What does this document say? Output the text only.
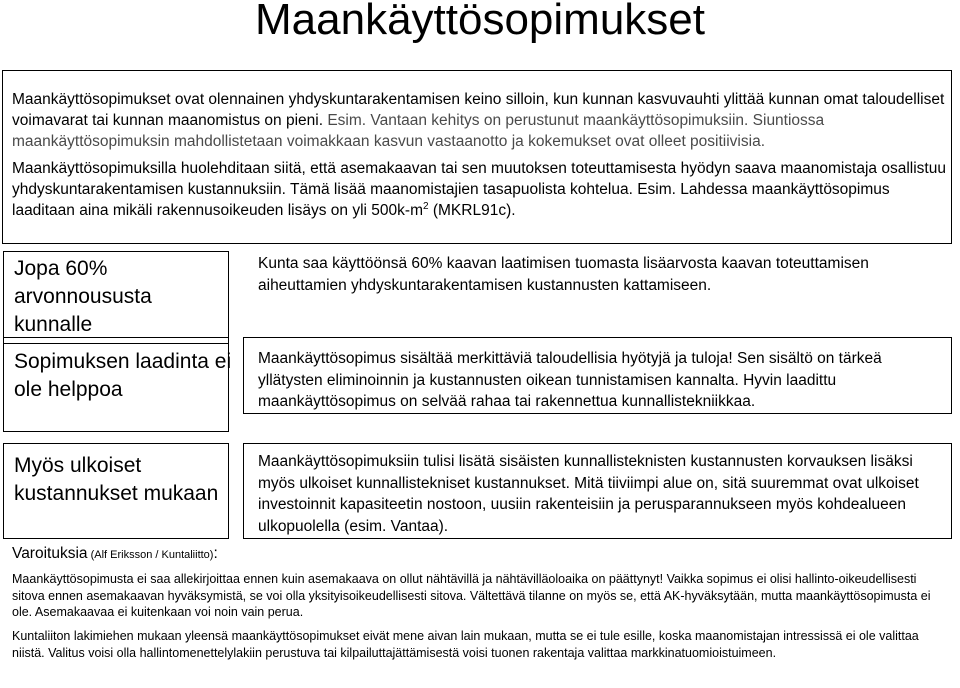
Maankäyttösopimukset

Maankäyttösopimukset ovat olennainen yhdyskuntarakentamisen keino silloin, kun kunnan kasvuvauhti ylittää kunnan omat taloudelliset voimavarat tai kunnan maanomistus on pieni. Esim. Vantaan kehitys on perustunut maankäyttösopimuksiin. Siuntiossa maankäyttösopimuksin mahdollistetaan voimakkaan kasvun vastaanotto ja kokemukset ovat olleet positiivisia.

Maankäyttösopimuksilla huolehditaan siitä, että asemakaavan tai sen muutoksen toteuttamisesta hyödyn saava maanomistaja osallistuu yhdyskuntarakentamisen kustannuksiin. Tämä lisää maanomistajien tasapuolista kohtelua. Esim. Lahdessa maankäyttösopimus laaditaan aina mikäli rakennusoikeuden lisäys on yli $500k-m^2$ (MKRL91c).

Jopa 60% arvonnoususta kunnalle

Kunta saa käyttöönsä 60% kaavan laatimisen tuomasta lisäarvosta kaavan toteuttamisen aiheuttamien yhdyskuntarakentamisen kustannusten kattamiseen.

Sopimuksen laadinta ei ole helppoa

Maankäyttösopimus sisältää merkittäviä taloudellisia hyötyjä ja tuloja! Sen sisältö on tärkeä yllätysten eliminoinnin ja kustannusten oikean tunnistamisen kannalta. Hyvin laadittu maankäyttösopimus on selvää rahaa tai rakennettua kunnallistekniikkaa.

Myös ulkoiset kustannukset mukaan

Maankäyttösopimuksiin tulisi lisätä sisäisten kunnallisteknisten kustannusten korvauksen lisäksi myös ulkoiset kunnallistekniset kustannukset. Mitä tiiviimpi alue on, sitä suuremmat ovat ulkoiset investoinnit kapasiteetin nostoon, uusiin rakenteisiin ja perusparannukseen myös kohdealueen ulkopuolella (esim. Vantaa).

Varoituksia (Alf Eriksson / Kuntaliitto):

Maankäyttösopimusta ei saa allekirjoittaa ennen kuin asemakaava on ollut nähtävillä ja nähtävilläoloaika on päättynyt! Vaikka sopimus ei olisi hallinto-oikeudellisesti sitova ennen asemakaavan hyväksymistä, se voi olla yksityisoikeudellisesti sitova. Vältettävä tilanne on myös se, että AK-hyväksytään, mutta maankäyttösopimusta ei ole. Asemakaavaa ei kuitenkaan voi noin vain perua.

Kuntaliiton lakimiehen mukaan yleensä maankäyttösopimukset eivät mene aivan lain mukaan, mutta se ei tule esille, koska maanomistajan intressissä ei ole valittaa niistä. Valitus voisi olla hallintomenettelylakiin perustuva tai kilpailuttajättämisestä voisi tuonen rakentaja valittaa markkinatuomioistuimeen.
